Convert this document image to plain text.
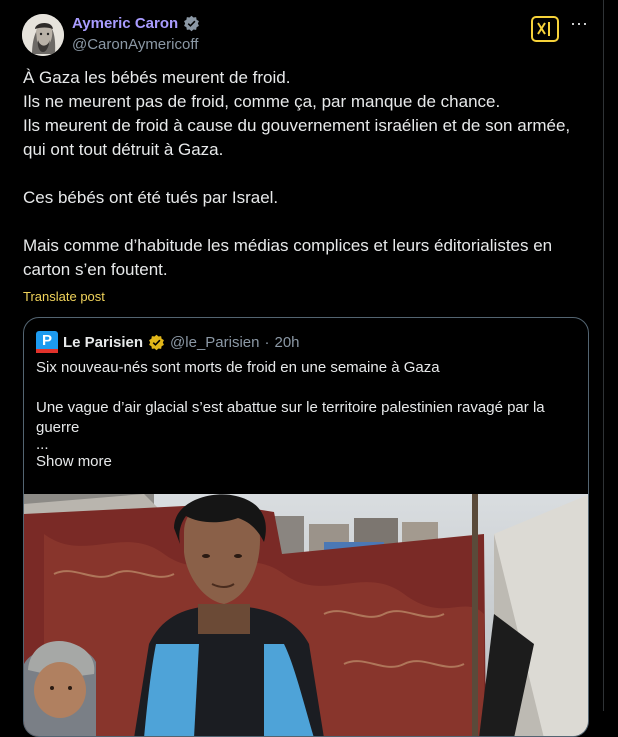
Aymeric Caron
@CaronAymericoff
···

À Gaza les bébés meurent de froid.

Ils ne meurent pas de froid, comme ça, par manque de chance.

Ils meurent de froid à cause du gouvernement israélien et de son armée, qui ont tout détruit à Gaza.

Ces bébés ont été tués par Israel.

Mais comme d’habitude les médias complices et leurs éditorialistes en carton s’en foutent.

Translate post
P Le Parisien @le_Parisien · 20h

Six nouveau-nés sont morts de froid en une semaine à Gaza

Une vague d’air glacial s’est abattue sur le territoire palestinien ravagé par la guerre

...

Show more
